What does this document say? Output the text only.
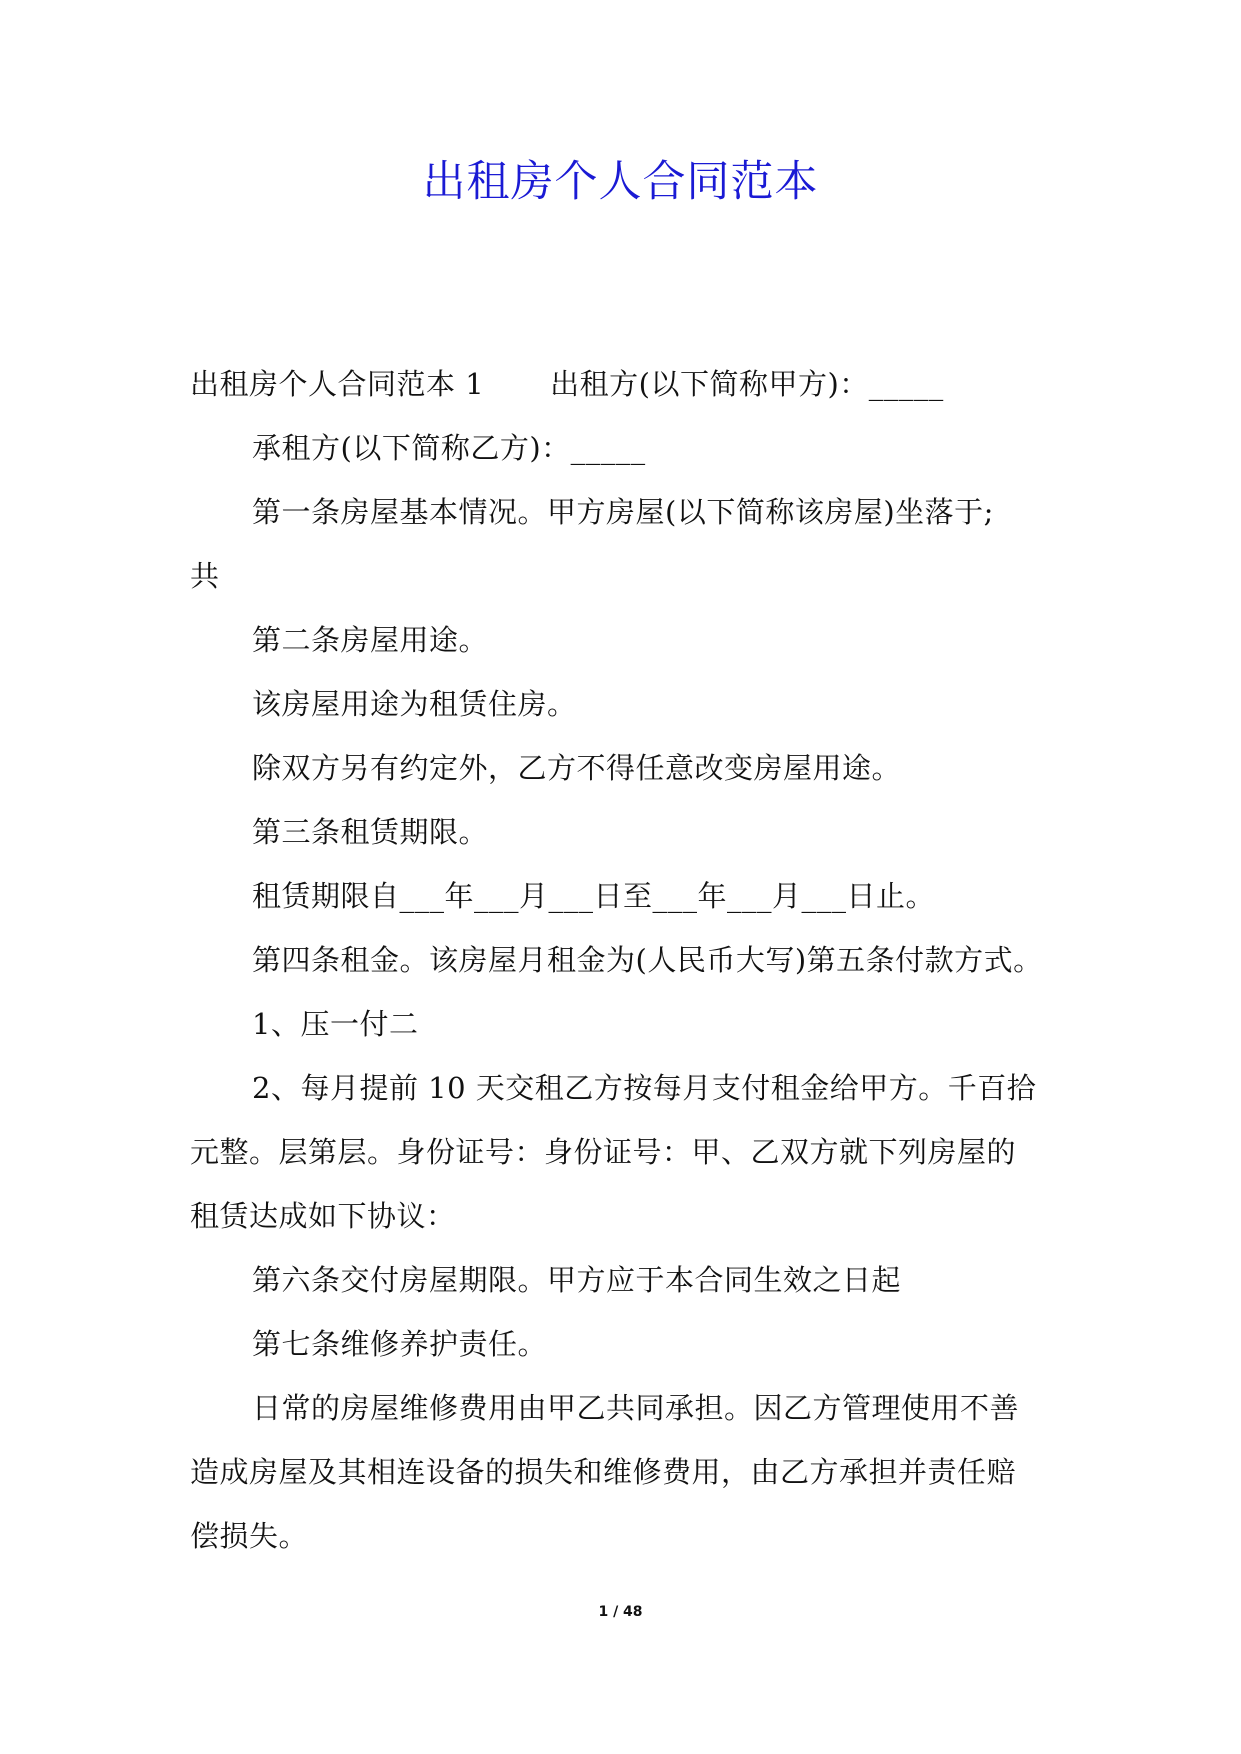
出租房个人合同范本
出租房个人合同范本 1 出租方(以下简称甲方)：_____
承租方(以下简称乙方)：_____
第一条房屋基本情况。甲方房屋(以下简称该房屋)坐落于;
共
第二条房屋用途。
该房屋用途为租赁住房。
除双方另有约定外，乙方不得任意改变房屋用途。
第三条租赁期限。
租赁期限自___年___月___日至___年___月___日止。
第四条租金。该房屋月租金为(人民币大写)第五条付款方式。
1、压一付二
2、每月提前 10 天交租乙方按每月支付租金给甲方。千百拾
元整。层第层。身份证号：身份证号：甲、乙双方就下列房屋的
租赁达成如下协议：
第六条交付房屋期限。甲方应于本合同生效之日起
第七条维修养护责任。
日常的房屋维修费用由甲乙共同承担。因乙方管理使用不善
造成房屋及其相连设备的损失和维修费用，由乙方承担并责任赔
偿损失。
1 / 48
